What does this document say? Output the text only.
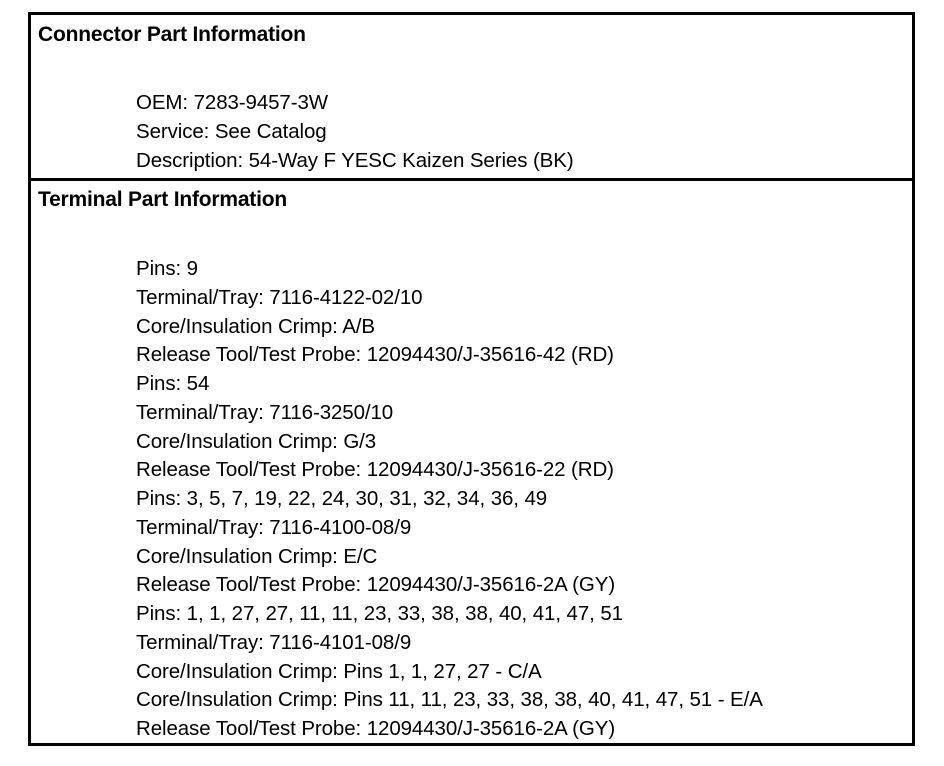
Connector Part Information
OEM: 7283-9457-3W
Service: See Catalog
Description: 54-Way F YESC Kaizen Series (BK)
Terminal Part Information
Pins: 9
Terminal/Tray: 7116-4122-02/10
Core/Insulation Crimp: A/B
Release Tool/Test Probe: 12094430/J-35616-42 (RD)
Pins: 54
Terminal/Tray: 7116-3250/10
Core/Insulation Crimp: G/3
Release Tool/Test Probe: 12094430/J-35616-22 (RD)
Pins: 3, 5, 7, 19, 22, 24, 30, 31, 32, 34, 36, 49
Terminal/Tray: 7116-4100-08/9
Core/Insulation Crimp: E/C
Release Tool/Test Probe: 12094430/J-35616-2A (GY)
Pins: 1, 1, 27, 27, 11, 11, 23, 33, 38, 38, 40, 41, 47, 51
Terminal/Tray: 7116-4101-08/9
Core/Insulation Crimp: Pins 1, 1, 27, 27 - C/A
Core/Insulation Crimp: Pins 11, 11, 23, 33, 38, 38, 40, 41, 47, 51 - E/A
Release Tool/Test Probe: 12094430/J-35616-2A (GY)
